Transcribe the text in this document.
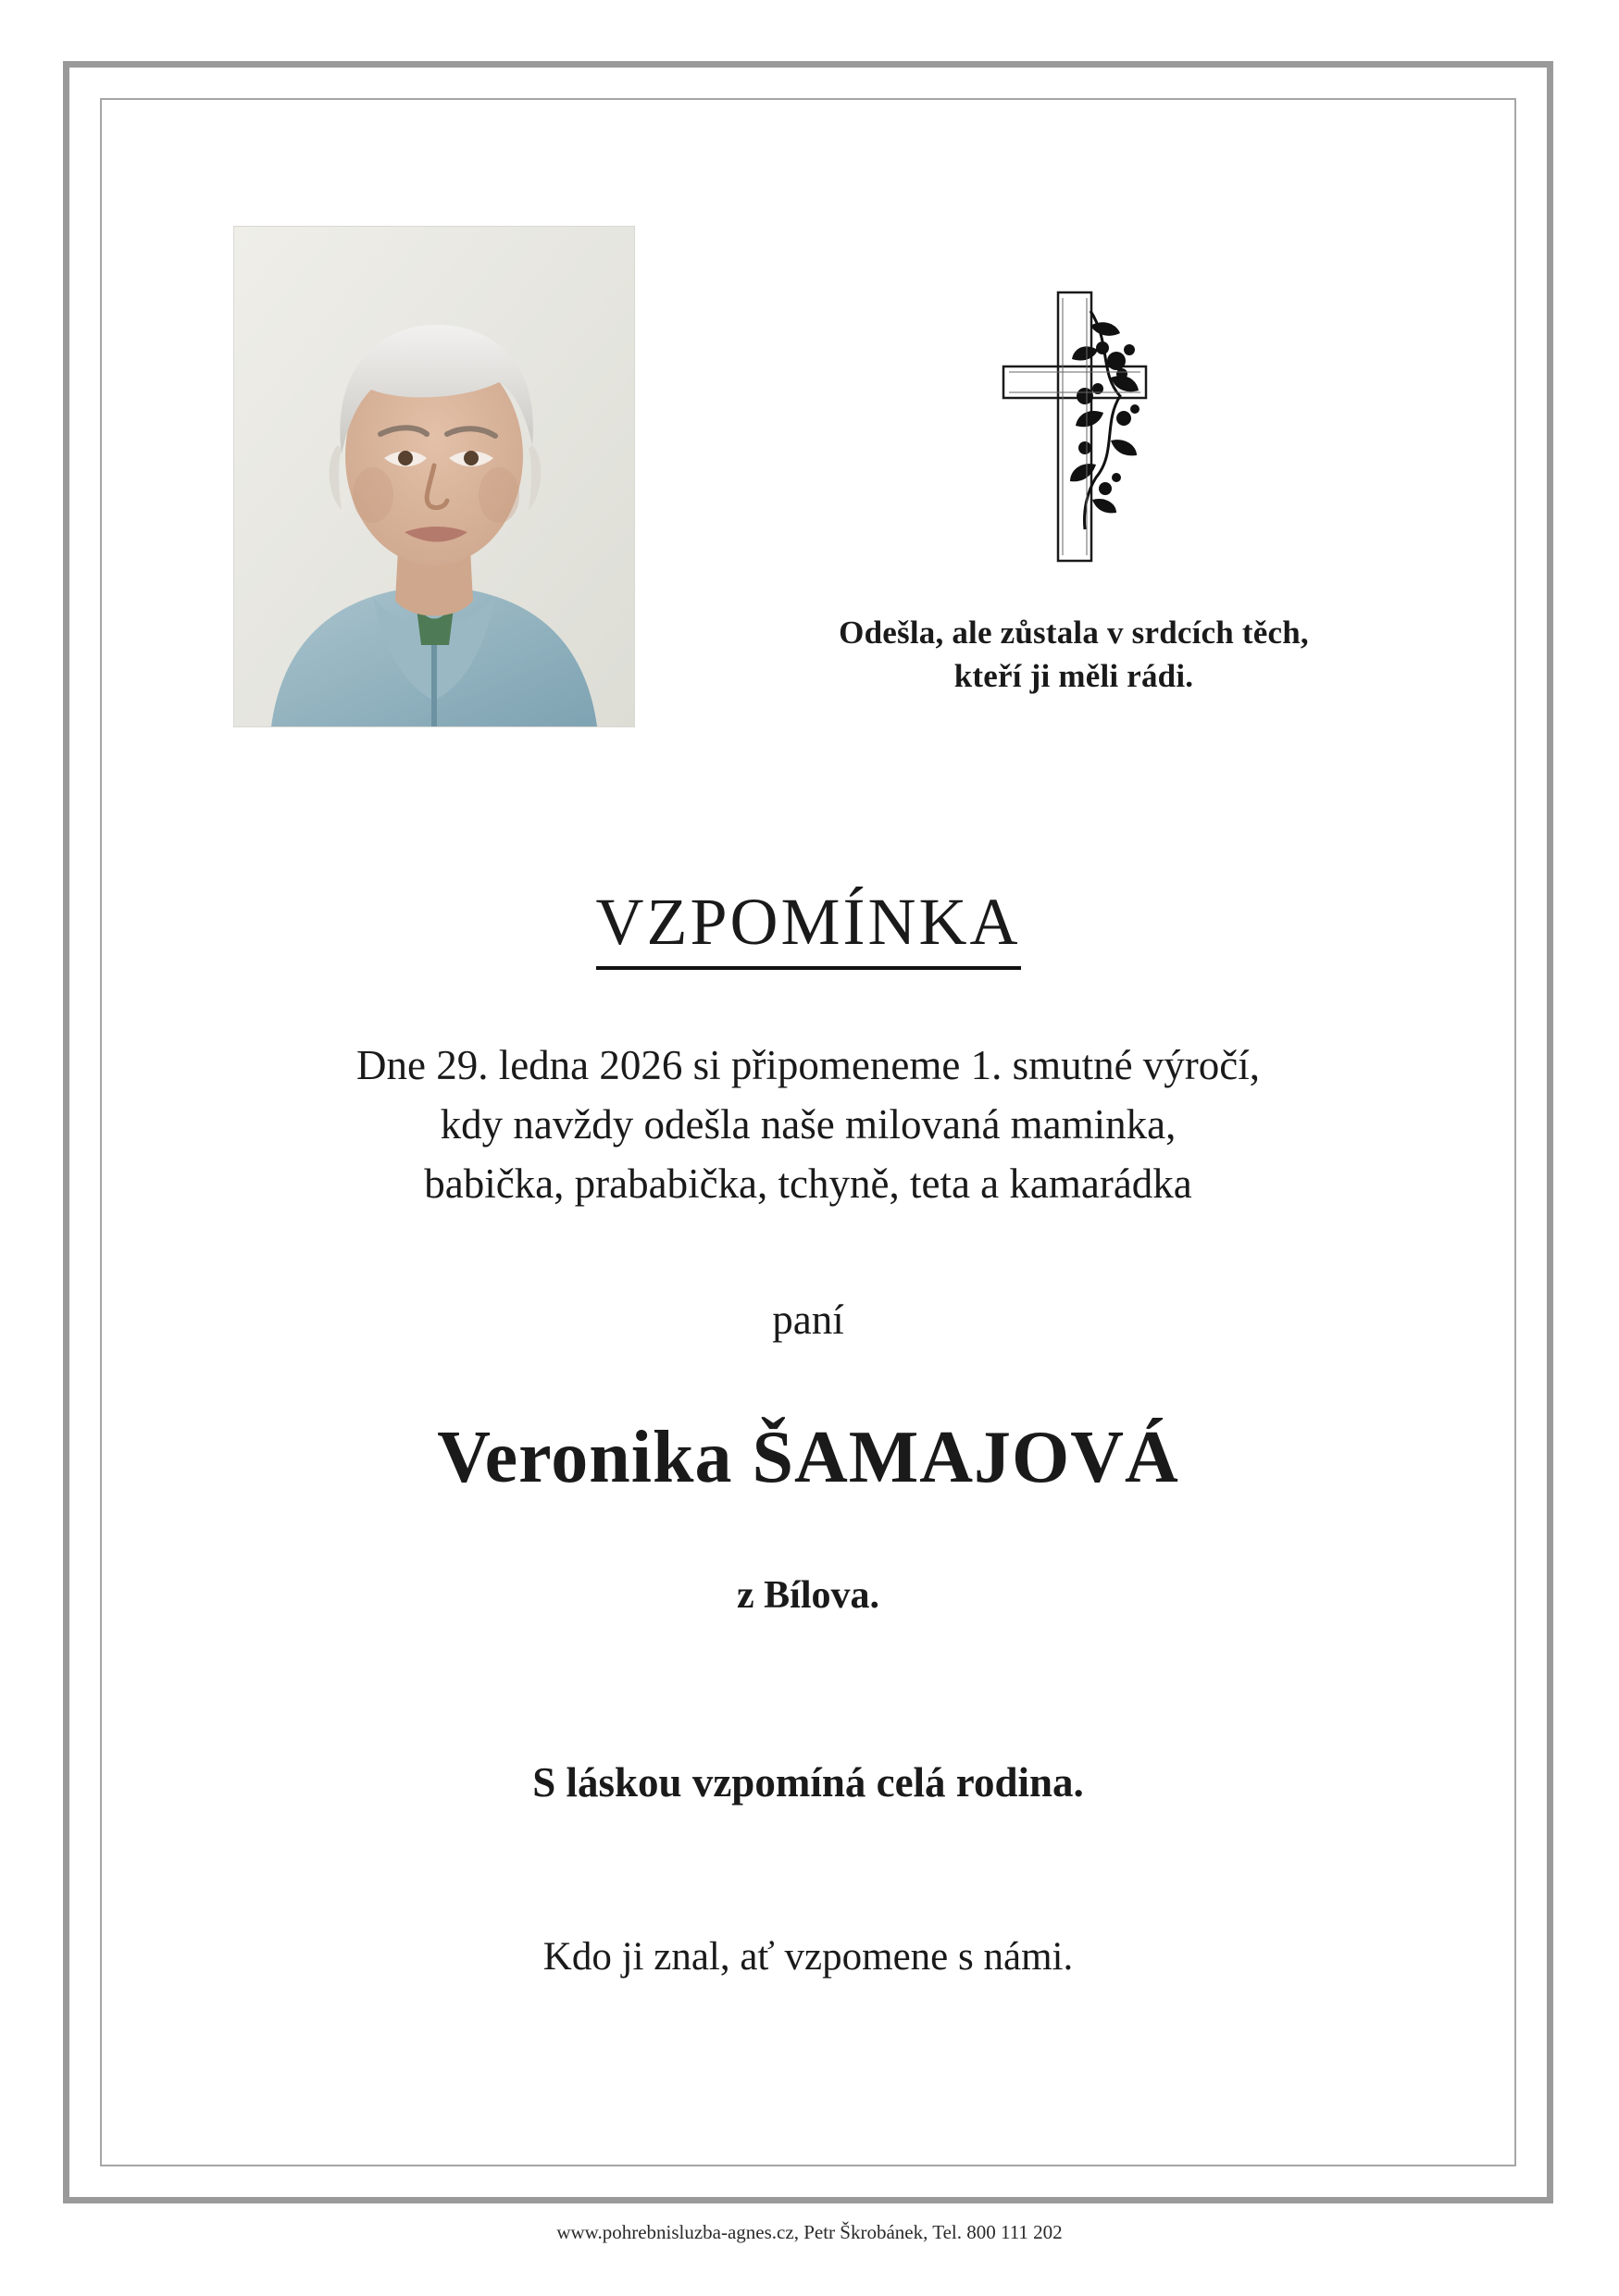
Odešla, ale zůstala v srdcích těch,
kteří ji měli rádi.
VZPOMÍNKA
Dne 29. ledna 2026 si připomeneme 1. smutné výročí,
kdy navždy odešla naše milovaná maminka,
babička, prababička, tchyně, teta a kamarádka
paní
Veronika ŠAMAJOVÁ
z Bílova.
S láskou vzpomíná celá rodina.
Kdo ji znal, ať vzpomene s námi.
www.pohrebnisluzba-agnes.cz, Petr Škrobánek, Tel. 800 111 202
